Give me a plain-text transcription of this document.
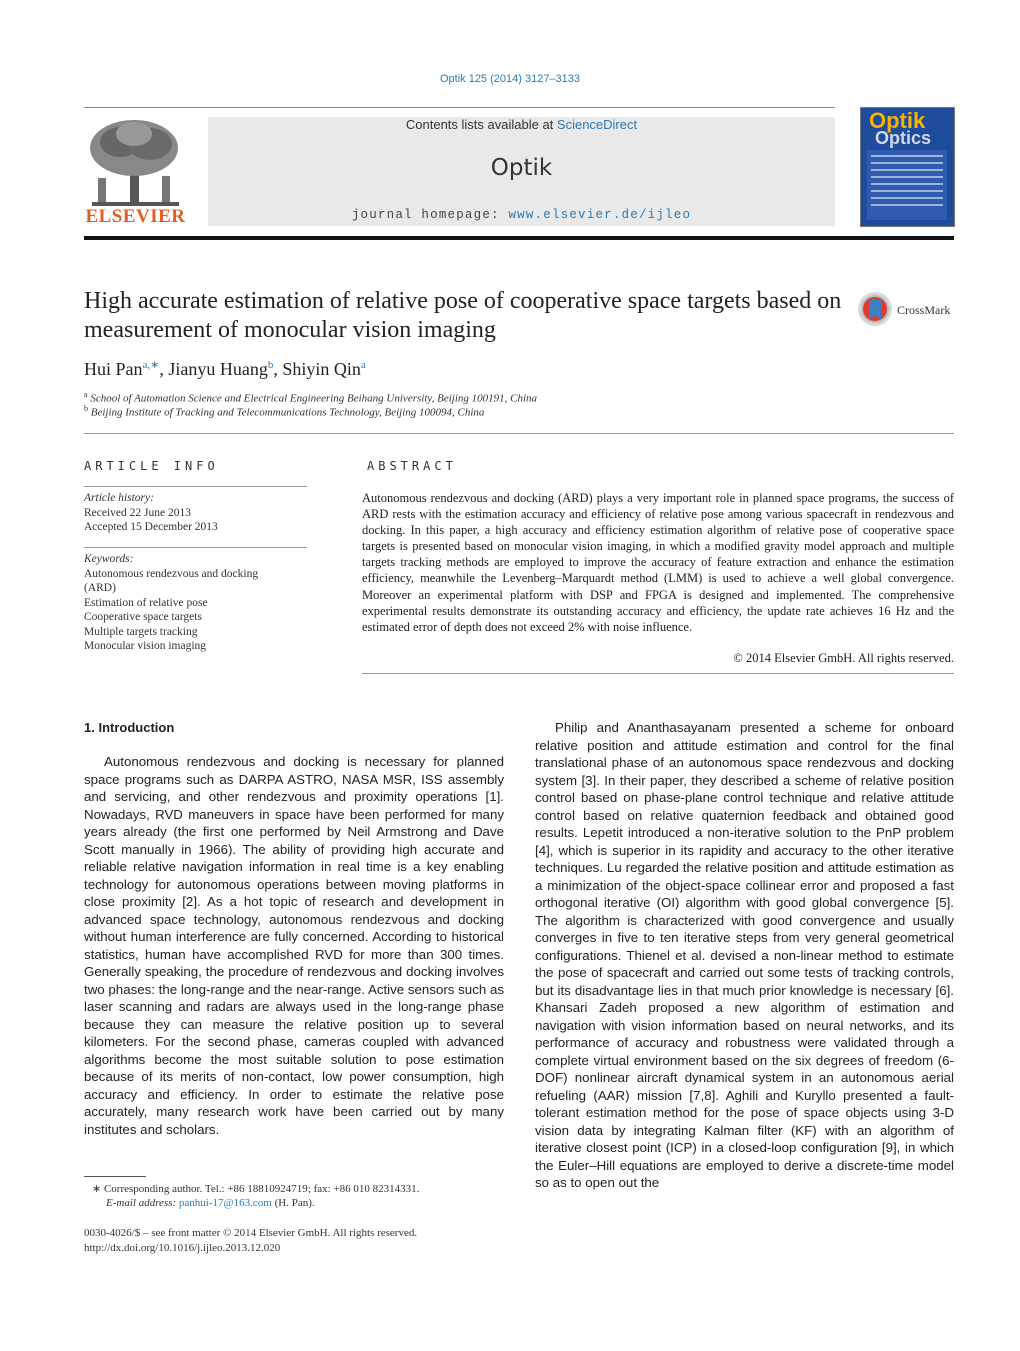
Optik 125 (2014) 3127–3133
ELSEVIER
Contents lists available at ScienceDirect
Optik
journal homepage: www.elsevier.de/ijleo
Optik
Optics
High accurate estimation of relative pose of cooperative space targets based on measurement of monocular vision imaging
CrossMark
Hui Pan$^{a,∗}$, Jianyu Huang$^b$, Shiyin Qin$^a$
$^a$ School of Automation Science and Electrical Engineering Beihang University, Beijing 100191, China
$^b$ Beijing Institute of Tracking and Telecommunications Technology, Beijing 100094, China
ARTICLE INFO
Article history:
Received 22 June 2013
Accepted 15 December 2013
Keywords:
Autonomous rendezvous and docking
(ARD)
Estimation of relative pose
Cooperative space targets
Multiple targets tracking
Monocular vision imaging
ABSTRACT
Autonomous rendezvous and docking (ARD) plays a very important role in planned space programs, the success of ARD rests with the estimation accuracy and efficiency of relative pose among various spacecraft in rendezvous and docking. In this paper, a high accuracy and efficiency estimation algorithm of relative pose of cooperative space targets is presented based on monocular vision imaging, in which a modified gravity model approach and multiple targets tracking methods are employed to improve the accuracy of feature extraction and enhance the estimation efficiency, meanwhile the Levenberg–Marquardt method (LMM) is used to achieve a well global convergence. Moreover an experimental platform with DSP and FPGA is designed and implemented. The comprehensive experimental results demonstrate its outstanding accuracy and efficiency, the update rate achieves 16 Hz and the estimated error of depth does not exceed 2% with noise influence.
© 2014 Elsevier GmbH. All rights reserved.
1. Introduction

Autonomous rendezvous and docking is necessary for planned space programs such as DARPA ASTRO, NASA MSR, ISS assembly and servicing, and other rendezvous and proximity operations [1]. Nowadays, RVD maneuvers in space have been performed for many years already (the first one performed by Neil Armstrong and Dave Scott manually in 1966). The ability of providing high accurate and reliable relative navigation information in real time is a key enabling technology for autonomous operations between moving platforms in close proximity [2]. As a hot topic of research and development in advanced space technology, autonomous rendezvous and docking without human interference are fully concerned. According to historical statistics, human have accomplished RVD for more than 300 times. Generally speaking, the procedure of rendezvous and docking involves two phases: the long-range and the near-range. Active sensors such as laser scanning and radars are always used in the long-range phase because they can measure the relative position up to several kilometers. For the second phase, cameras coupled with advanced algorithms become the most suitable solution to pose estimation because of its merits of non-contact, low power consumption, high accuracy and efficiency. In order to estimate the relative pose accurately, many research work have been carried out by many institutes and scholars.

Philip and Ananthasayanam presented a scheme for onboard relative position and attitude estimation and control for the final translational phase of an autonomous space rendezvous and docking system [3]. In their paper, they described a scheme of relative position control based on phase-plane control technique and relative attitude control based on relative quaternion feedback and obtained good results. Lepetit introduced a non-iterative solution to the PnP problem [4], which is superior in its rapidity and accuracy to the other iterative techniques. Lu regarded the relative position and attitude estimation as a minimization of the object-space collinear error and proposed a fast orthogonal iterative (OI) algorithm with good global convergence [5]. The algorithm is characterized with good convergence and usually converges in five to ten iterative steps from very general geometrical configurations. Thienel et al. devised a non-linear method to estimate the pose of spacecraft and carried out some tests of tracking controls, but its disadvantage lies in that much prior knowledge is necessary [6]. Khansari Zadeh proposed a new algorithm of estimation and navigation with vision information based on neural networks, and its performance of accuracy and robustness were validated through a complete virtual environment based on the six degrees of freedom (6-DOF) nonlinear aircraft dynamical system in an autonomous aerial refueling (AAR) mission [7,8]. Aghili and Kuryllo presented a fault-tolerant estimation method for the pose of space objects using 3-D vision data by integrating Kalman filter (KF) with an algorithm of iterative closest point (ICP) in a closed-loop configuration [9], in which the Euler–Hill equations are employed to derive a discrete-time model so as to open out the

∗ Corresponding author. Tel.: +86 18810924719; fax: +86 010 82314331.
E-mail address: panhui-17@163.com (H. Pan).
0030-4026/$ – see front matter © 2014 Elsevier GmbH. All rights reserved.
http://dx.doi.org/10.1016/j.ijleo.2013.12.020
